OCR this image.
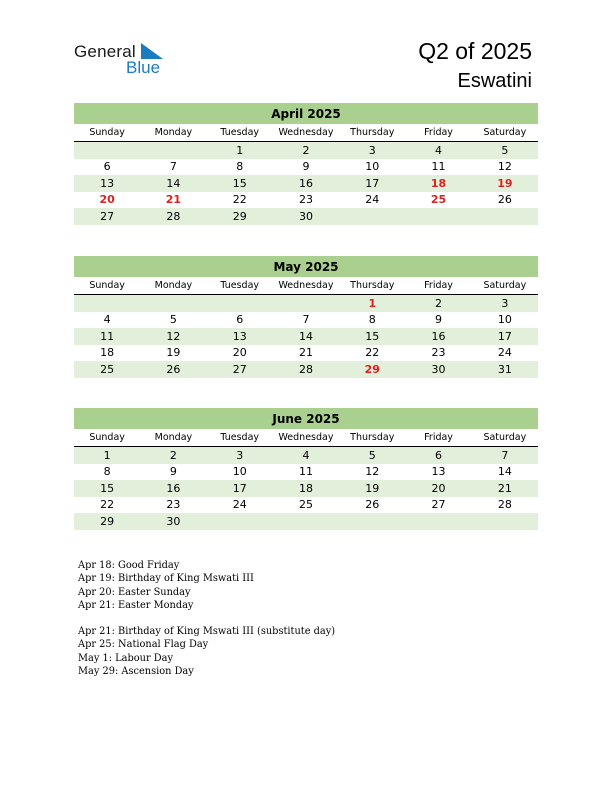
General
Blue
Q2 of 2025
Eswatini
April 2025
Sunday	Monday	Tuesday	Wednesday	Thursday	Friday	Saturday
		1	2	3	4	5
6	7	8	9	10	11	12
13	14	15	16	17	18	19
20	21	22	23	24	25	26
27	28	29	30			
May 2025
Sunday	Monday	Tuesday	Wednesday	Thursday	Friday	Saturday
				1	2	3
4	5	6	7	8	9	10
11	12	13	14	15	16	17
18	19	20	21	22	23	24
25	26	27	28	29	30	31
June 2025
Sunday	Monday	Tuesday	Wednesday	Thursday	Friday	Saturday
1	2	3	4	5	6	7
8	9	10	11	12	13	14
15	16	17	18	19	20	21
22	23	24	25	26	27	28
29	30					
Apr 18: Good Friday
Apr 19: Birthday of King Mswati III
Apr 20: Easter Sunday
Apr 21: Easter Monday
Apr 21: Birthday of King Mswati III (substitute day)
Apr 25: National Flag Day
May 1: Labour Day
May 29: Ascension Day
